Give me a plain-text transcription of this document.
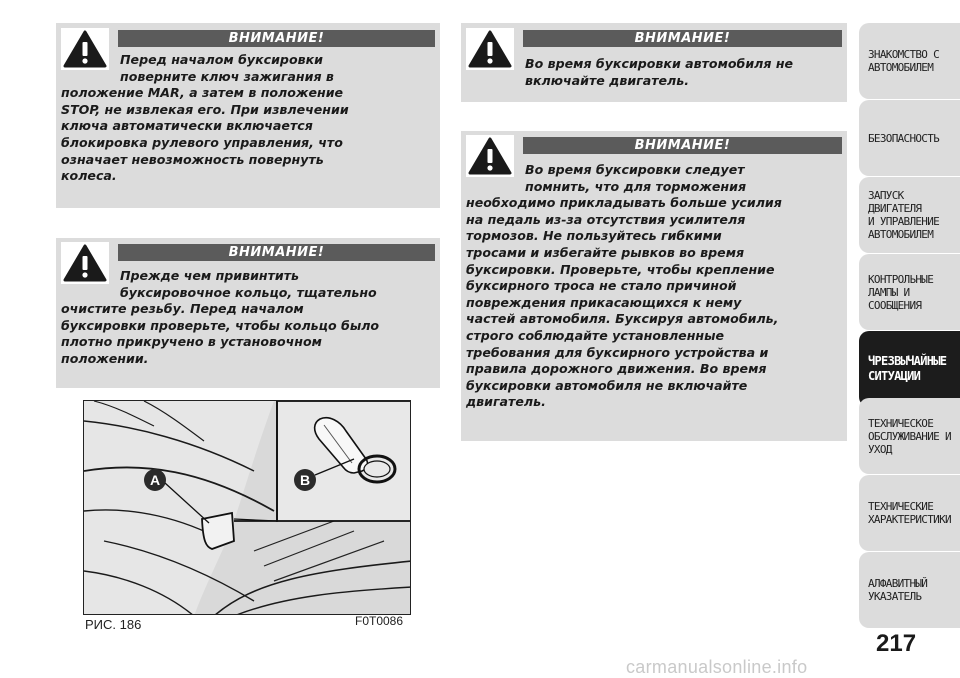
ВНИМАНИЕ!
Перед началом буксировки
поверните ключ зажигания в
положение MAR, а затем в положение
STOP, не извлекая его. При извлечении
ключа автоматически включается
блокировка рулевого управления, что
означает невозможность повернуть
колеса.
ВНИМАНИЕ!
Прежде чем привинтить
буксировочное кольцо, тщательно
очистите резьбу. Перед началом
буксировки проверьте, чтобы кольцо было
плотно прикручено в установочном
положении.
ВНИМАНИЕ!
Во время буксировки автомобиля не
включайте двигатель.
ВНИМАНИЕ!
Во время буксировки следует
помнить, что для торможения
необходимо прикладывать больше усилия
на педаль из-за отсутствия усилителя
тормозов. Не пользуйтесь гибкими
тросами и избегайте рывков во время
буксировки. Проверьте, чтобы крепление
буксирного троса не стало причиной
повреждения прикасающихся к нему
частей автомобиля. Буксируя автомобиль,
строго соблюдайте установленные
требования для буксирного устройства и
правила дорожного движения. Во время
буксировки автомобиля не включайте
двигатель.
A	B
РИС. 186	F0T0086
ЗНАКОМСТВО С
АВТОМОБИЛЕМ
БЕЗОПАСНОСТЬ
ЗАПУСК ДВИГАТЕЛЯ
И УПРАВЛЕНИЕ
АВТОМОБИЛЕМ
КОНТРОЛЬНЫЕ
ЛАМПЫ И
СООБЩЕНИЯ
ЧРЕЗВЫЧАЙНЫЕ
СИТУАЦИИ
ТЕХНИЧЕСКОЕ
ОБСЛУЖИВАНИЕ И
УХОД
ТЕХНИЧЕСКИЕ
ХАРАКТЕРИСТИКИ
АЛФАВИТНЫЙ
УКАЗАТЕЛЬ
217
carmanualsonline.info
